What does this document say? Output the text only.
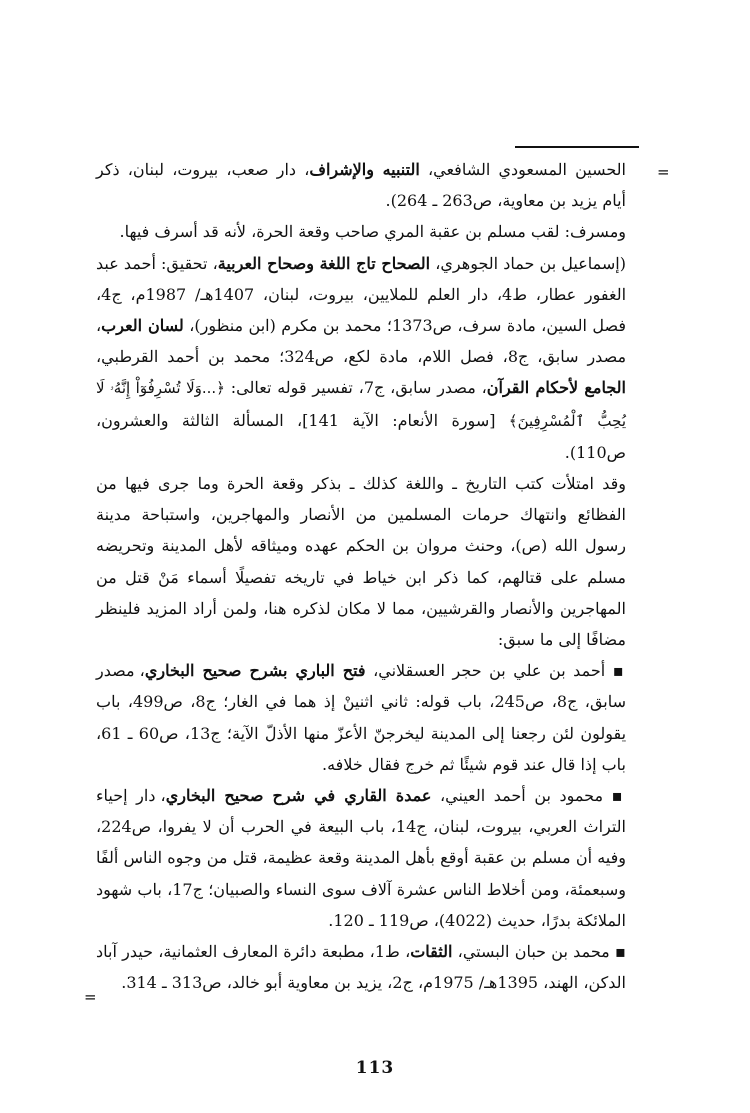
=
=

الحسين المسعودي الشافعي، التنبيه والإشراف، دار صعب، بيروت، لبنان، ذكر أيام يزيد بن معاوية، ص263 ـ 264).

ومسرف: لقب مسلم بن عقبة المري صاحب وقعة الحرة، لأنه قد أسرف فيها.

(إسماعيل بن حماد الجوهري، الصحاح تاج اللغة وصحاح العربية، تحقيق: أحمد عبد الغفور عطار، ط4، دار العلم للملايين، بيروت، لبنان، 1407هـ/ 1987م، ج4، فصل السين، مادة سرف، ص1373؛ محمد بن مكرم (ابن منظور)، لسان العرب، مصدر سابق، ج8، فصل اللام، مادة لكع، ص324؛ محمد بن أحمد القرطبي، الجامع لأحكام القرآن، مصدر سابق، ج7، تفسير قوله تعالى: ﴿...وَلَا تُسْرِفُوٓاْ إِنَّهُۥ لَا يُحِبُّ ٱلْمُسْرِفِينَ﴾ [سورة الأنعام: الآية 141]، المسألة الثالثة والعشرون، ص110).

وقد امتلأت كتب التاريخ ـ واللغة كذلك ـ بذكر وقعة الحرة وما جرى فيها من الفظائع وانتهاك حرمات المسلمين من الأنصار والمهاجرين، واستباحة مدينة رسول الله (ص)، وحنث مروان بن الحكم عهده وميثاقه لأهل المدينة وتحريضه مسلم على قتالهم، كما ذكر ابن خياط في تاريخه تفصيلًا أسماء مَنْ قتل من المهاجرين والأنصار والقرشيين، مما لا مكان لذكره هنا، ولمن أراد المزيد فلينظر مضافًا إلى ما سبق:

▪ أحمد بن علي بن حجر العسقلاني، فتح الباري بشرح صحيح البخاري، مصدر سابق، ج8، ص245، باب قوله: ثاني اثنينْ إذ هما في الغار؛ ج8، ص499، باب يقولون لئن رجعنا إلى المدينة ليخرجنّ الأعزّ منها الأذلّ الآية؛ ج13، ص60 ـ 61، باب إذا قال عند قوم شيئًا ثم خرج فقال خلافه.

▪ محمود بن أحمد العيني، عمدة القاري في شرح صحيح البخاري، دار إحياء التراث العربي، بيروت، لبنان، ج14، باب البيعة في الحرب أن لا يفروا، ص224، وفيه أن مسلم بن عقبة أوقع بأهل المدينة وقعة عظيمة، قتل من وجوه الناس ألفًا وسبعمئة، ومن أخلاط الناس عشرة آلاف سوى النساء والصبيان؛ ج17، باب شهود الملائكة بدرًا، حديث (4022)، ص119 ـ 120.

▪ محمد بن حبان البستي، الثقات، ط1، مطبعة دائرة المعارف العثمانية، حيدر آباد الدكن، الهند، 1395هـ/ 1975م، ج2، يزيد بن معاوية أبو خالد، ص313 ـ 314.

113
